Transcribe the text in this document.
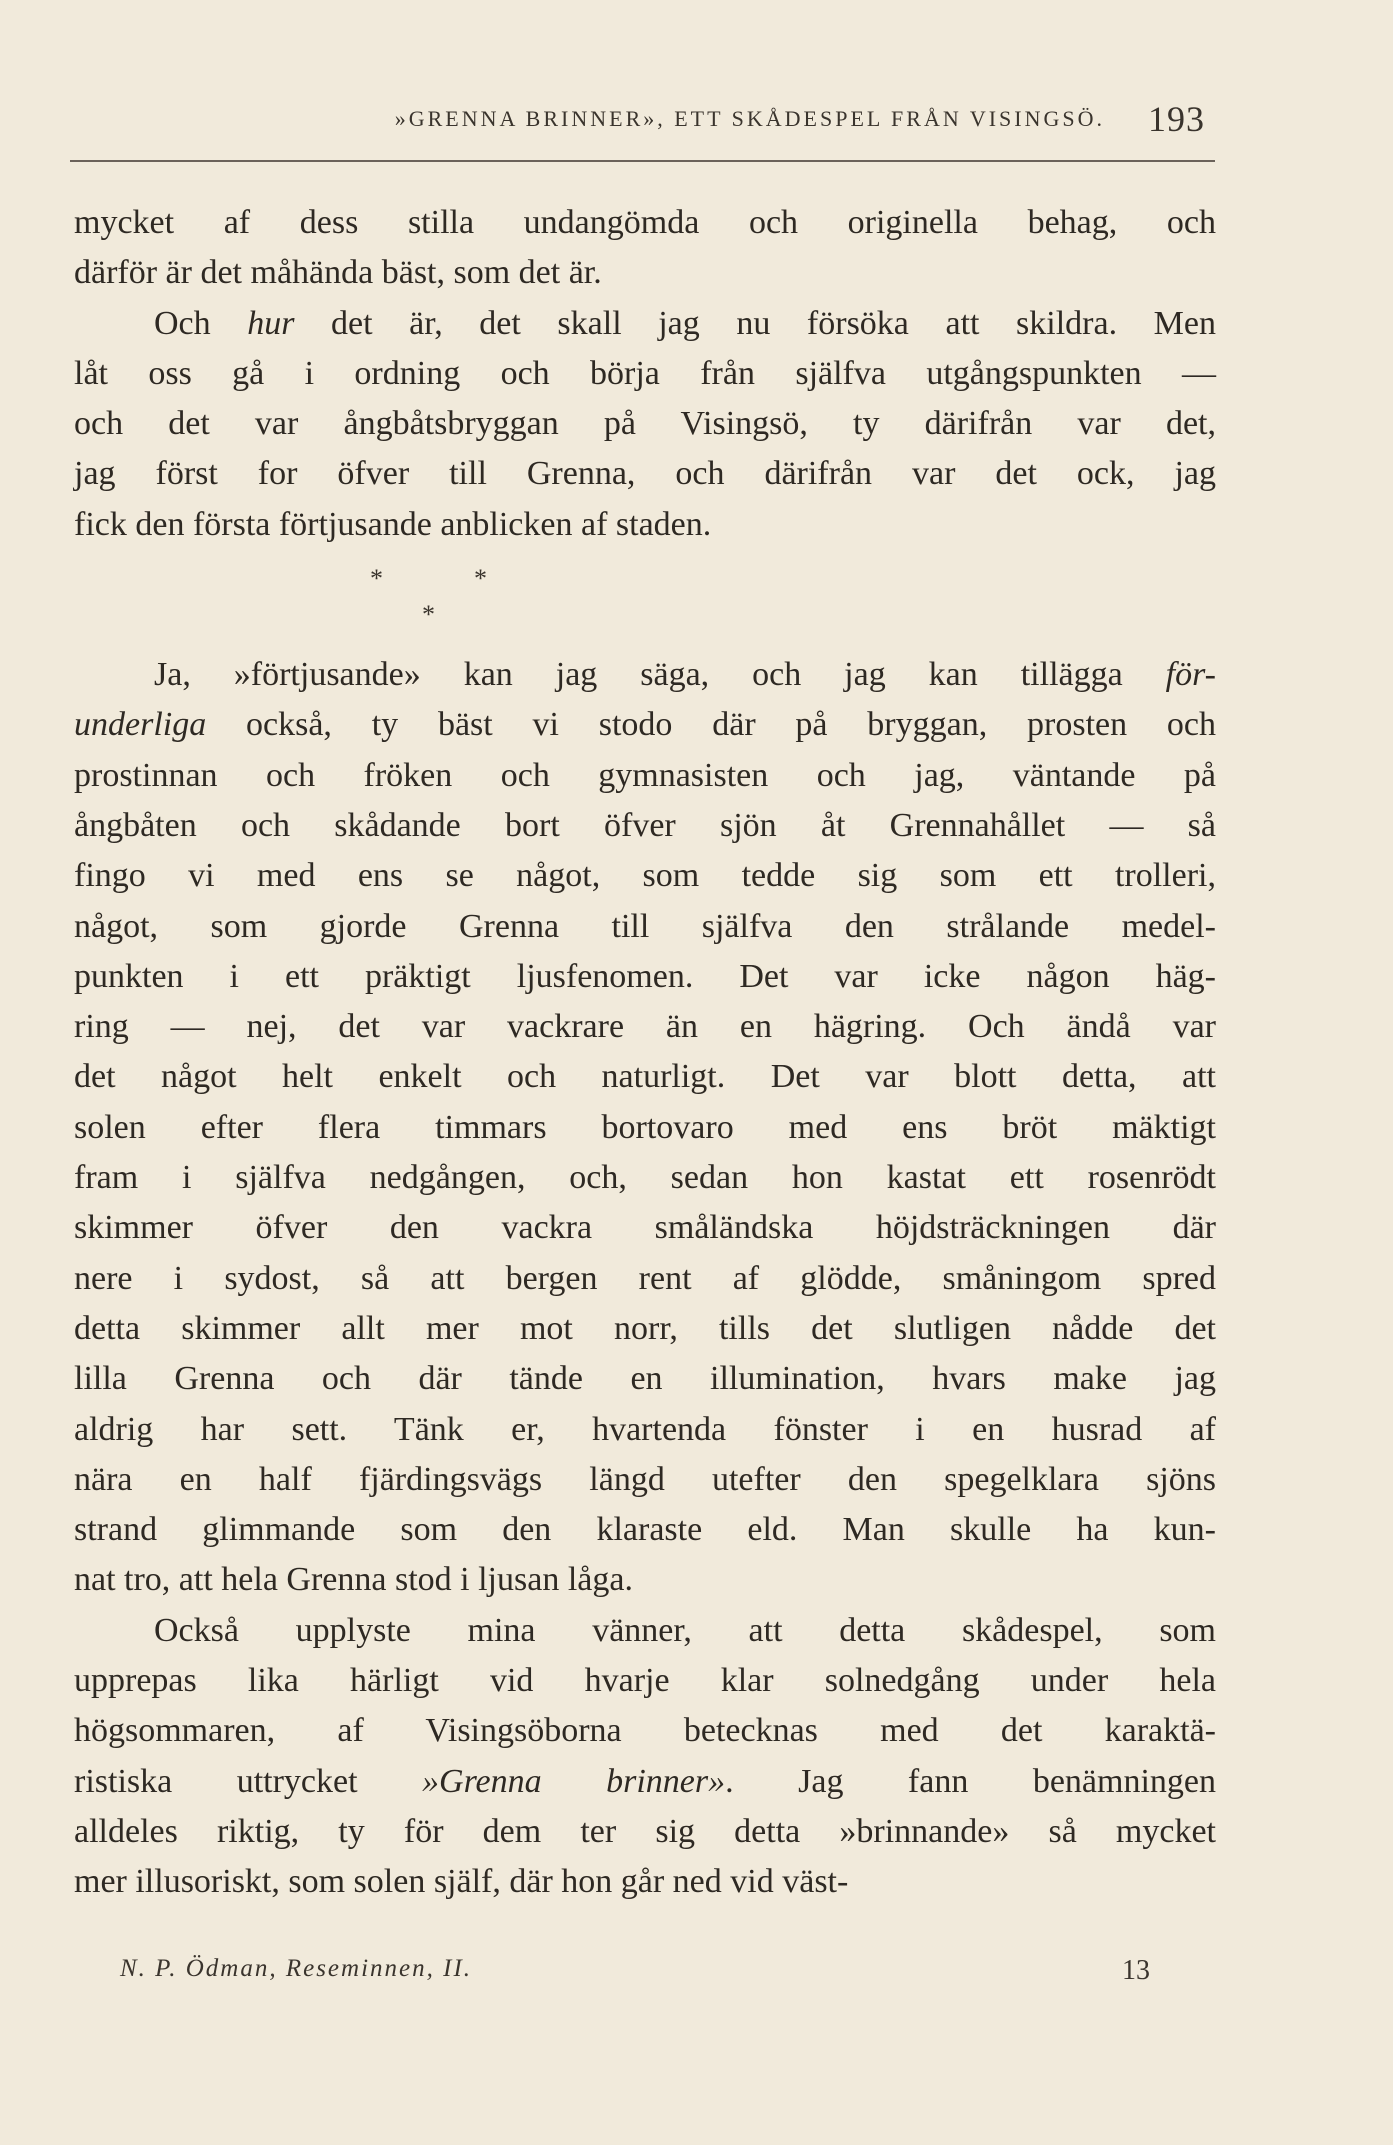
»GRENNA BRINNER», ETT SKÅDESPEL FRÅN VISINGSÖ. 193
mycket af dess stilla undangömda och originella behag, och
därför är det måhända bäst, som det är.
Och hur det är, det skall jag nu försöka att skildra. Men
låt oss gå i ordning och börja från själfva utgångspunkten —
och det var ångbåtsbryggan på Visingsö, ty därifrån var det,
jag först for öfver till Grenna, och därifrån var det ock, jag
fick den första förtjusande anblicken af staden.
*	*
*
Ja, »förtjusande» kan jag säga, och jag kan tillägga för-
underliga också, ty bäst vi stodo där på bryggan, prosten och
prostinnan och fröken och gymnasisten och jag, väntande på
ångbåten och skådande bort öfver sjön åt Grennahållet — så
fingo vi med ens se något, som tedde sig som ett trolleri,
något, som gjorde Grenna till själfva den strålande medel-
punkten i ett präktigt ljusfenomen. Det var icke någon häg-
ring — nej, det var vackrare än en hägring. Och ändå var
det något helt enkelt och naturligt. Det var blott detta, att
solen efter flera timmars bortovaro med ens bröt mäktigt
fram i själfva nedgången, och, sedan hon kastat ett rosenrödt
skimmer öfver den vackra småländska höjdsträckningen där
nere i sydost, så att bergen rent af glödde, småningom spred
detta skimmer allt mer mot norr, tills det slutligen nådde det
lilla Grenna och där tände en illumination, hvars make jag
aldrig har sett. Tänk er, hvartenda fönster i en husrad af
nära en half fjärdingsvägs längd utefter den spegelklara sjöns
strand glimmande som den klaraste eld. Man skulle ha kun-
nat tro, att hela Grenna stod i ljusan låga.
Också upplyste mina vänner, att detta skådespel, som
upprepas lika härligt vid hvarje klar solnedgång under hela
högsommaren, af Visingsöborna betecknas med det karaktä-
ristiska uttrycket »Grenna brinner». Jag fann benämningen
alldeles riktig, ty för dem ter sig detta »brinnande» så mycket
mer illusoriskt, som solen själf, där hon går ned vid väst-
N. P. Ödman, Reseminnen, II.	13
